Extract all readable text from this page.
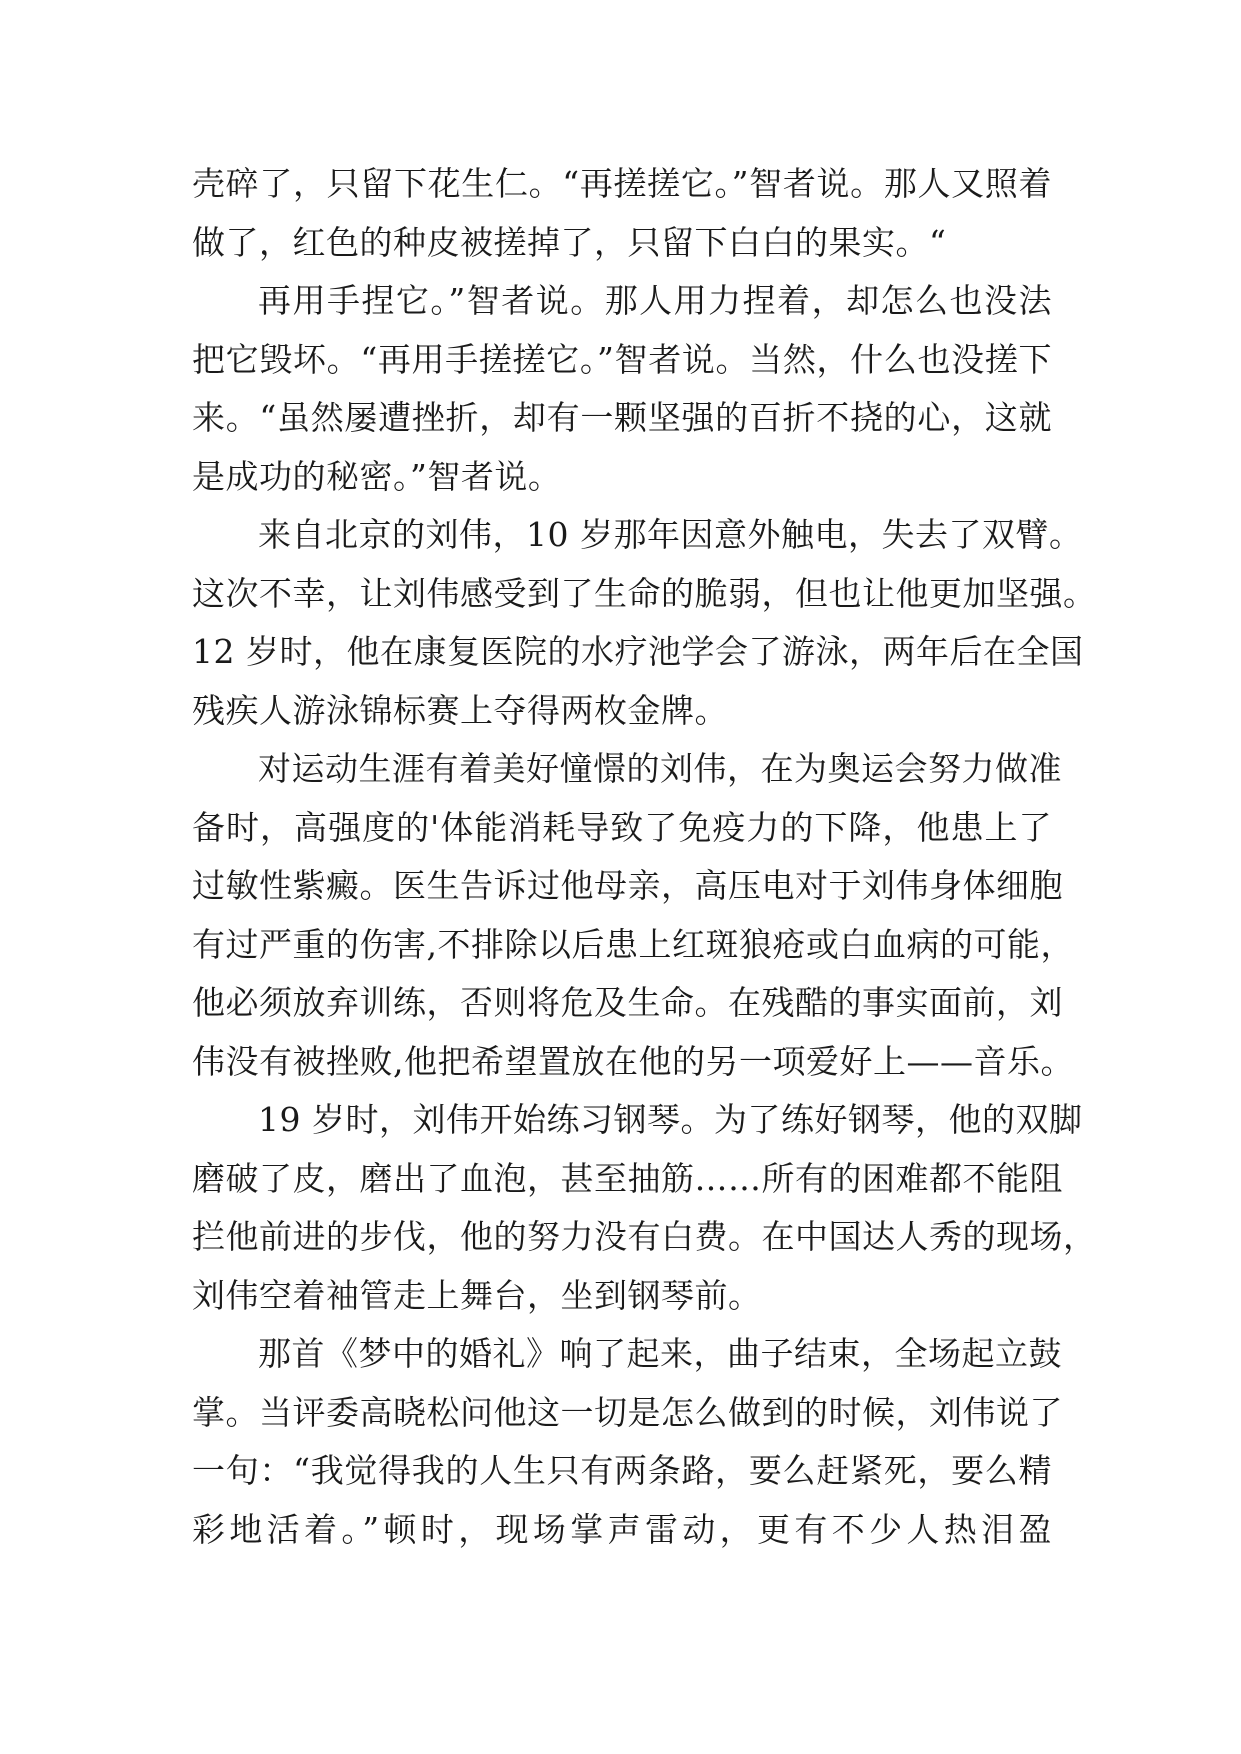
壳碎了，只留下花生仁。“再搓搓它。”智者说。那人又照着
做了，红色的种皮被搓掉了，只留下白白的果实。“
再用手捏它。”智者说。那人用力捏着，却怎么也没法
把它毁坏。“再用手搓搓它。”智者说。当然，什么也没搓下
来。“虽然屡遭挫折，却有一颗坚强的百折不挠的心，这就
是成功的秘密。”智者说。
来自北京的刘伟，10 岁那年因意外触电，失去了双臂。
这次不幸，让刘伟感受到了生命的脆弱，但也让他更加坚强。
12 岁时，他在康复医院的水疗池学会了游泳，两年后在全国
残疾人游泳锦标赛上夺得两枚金牌。
对运动生涯有着美好憧憬的刘伟，在为奥运会努力做准
备时，高强度的'体能消耗导致了免疫力的下降，他患上了
过敏性紫癜。医生告诉过他母亲，高压电对于刘伟身体细胞
有过严重的伤害,不排除以后患上红斑狼疮或白血病的可能，
他必须放弃训练，否则将危及生命。在残酷的事实面前，刘
伟没有被挫败,他把希望置放在他的另一项爱好上——音乐。
19 岁时，刘伟开始练习钢琴。为了练好钢琴，他的双脚
磨破了皮，磨出了血泡，甚至抽筋……所有的困难都不能阻
拦他前进的步伐，他的努力没有白费。在中国达人秀的现场，
刘伟空着袖管走上舞台，坐到钢琴前。
那首《梦中的婚礼》响了起来，曲子结束，全场起立鼓
掌。当评委高晓松问他这一切是怎么做到的时候，刘伟说了
一句：“我觉得我的人生只有两条路，要么赶紧死，要么精
彩地活着。”顿时，现场掌声雷动，更有不少人热泪盈
